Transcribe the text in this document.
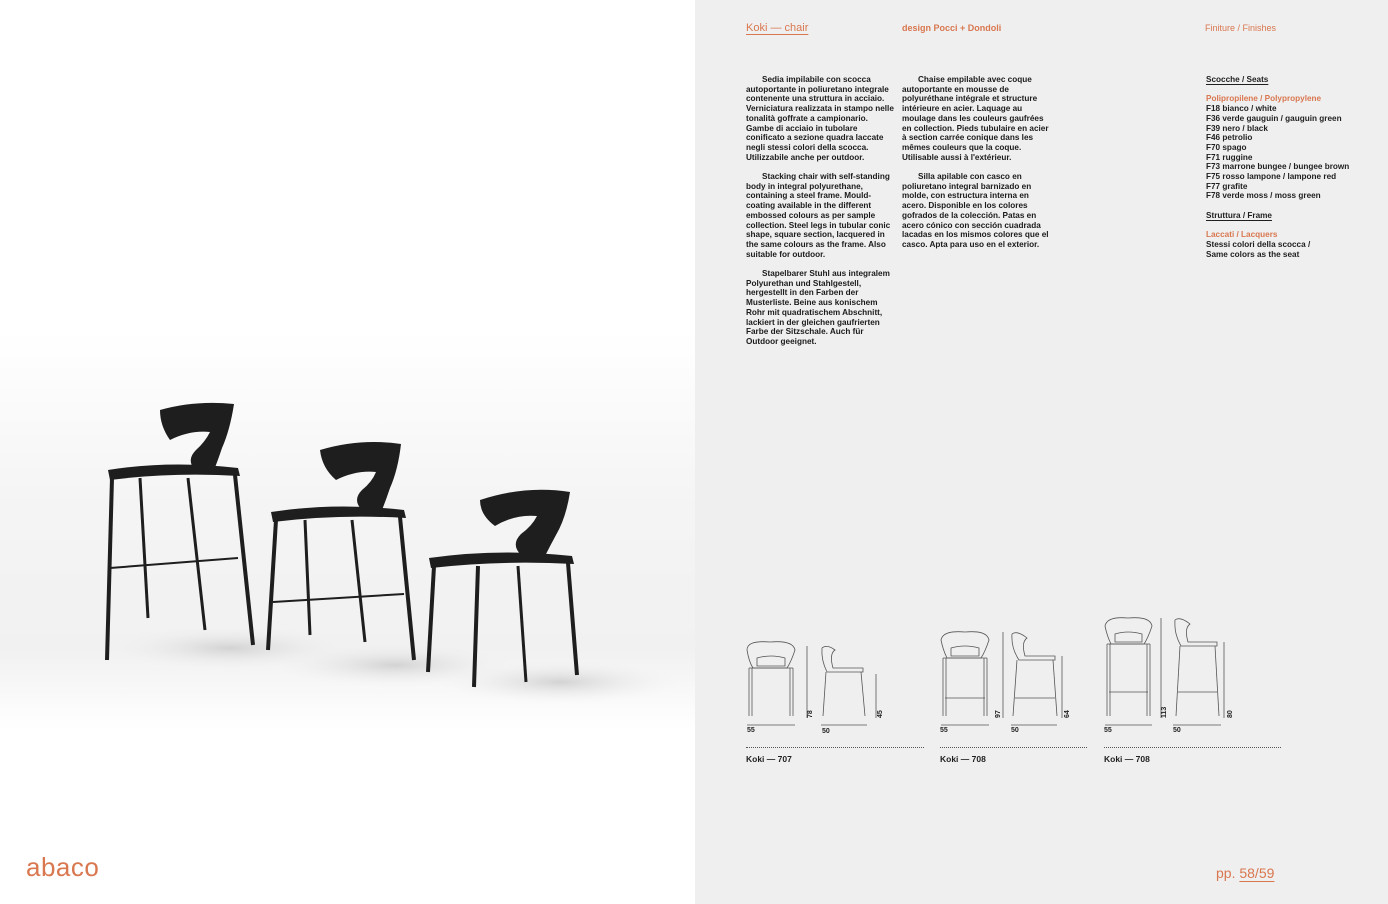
abaco
Koki — chair	design Pocci + Dondoli	Finiture / Finishes

Sedia impilabile con scocca autoportante in poliuretano integrale contenente una struttura in acciaio. Verniciatura realizzata in stampo nelle tonalità goffrate a campionario. Gambe di acciaio in tubolare conificato a sezione quadra laccate negli stessi colori della scocca. Utilizzabile anche per outdoor.

Stacking chair with self-standing body in integral polyurethane, containing a steel frame. Mould-coating available in the different embossed colours as per sample collection. Steel legs in tubular conic shape, square section, lacquered in the same colours as the frame. Also suitable for outdoor.

Stapelbarer Stuhl aus integralem Polyurethan und Stahlgestell, hergestellt in den Farben der Musterliste. Beine aus konischem Rohr mit quadratischem Abschnitt, lackiert in der gleichen gaufrierten Farbe der Sitzschale. Auch für Outdoor geeignet.

Chaise empilable avec coque autoportante en mousse de polyuréthane intégrale et structure intérieure en acier. Laquage au moulage dans les couleurs gaufrées en collection. Pieds tubulaire en acier à section carrée conique dans les mêmes couleurs que la coque. Utilisable aussi à l'extérieur.

Silla apilable con casco en poliuretano integral barnizado en molde, con estructura interna en acero. Disponible en los colores gofrados de la colección. Patas en acero cónico con sección cuadrada lacadas en los mismos colores que el casco. Apta para uso en el exterior.

Scocche / Seats
Polipropilene / Polypropylene
F18 bianco / white
F36 verde gauguin / gauguin green
F39 nero / black
F46 petrolio
F70 spago
F71 ruggine
F73 marrone bungee / bungee brown
F75 rosso lampone / lampone red
F77 grafite
F78 verde moss / moss green
Struttura / Frame
Laccati / Lacquers
Stessi colori della scocca / Same colors as the seat
55	50
78	45
55	50
97	64
55	50
113	80
Koki — 707	Koki — 708	Koki — 708
pp. 58/59
